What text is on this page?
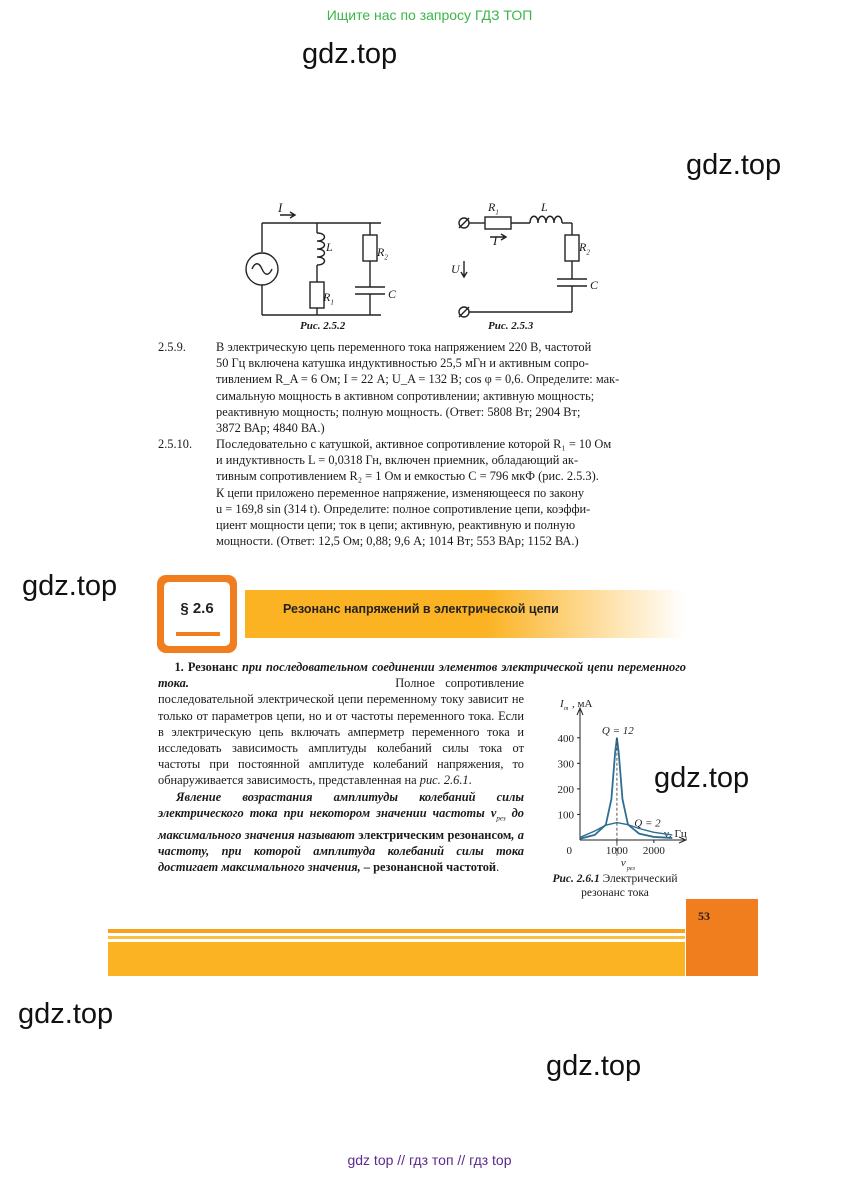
Ищите нас по запросу ГДЗ ТОП
gdz.top
gdz.top
gdz.top
gdz.top
gdz.top
gdz.top
I
L
$R_1$
$R_2$
C
Рис. 2.5.2
$R_1$	L
I
U
$R_2$
C
Рис. 2.5.3
2.5.9. В электрическую цепь переменного тока напряжением 220 В, частотой
50 Гц включена катушка индуктивностью 25,5 мГн и активным сопро-
тивлением R_A = 6 Ом; I = 22 А; U_A = 132 В; cos φ = 0,6. Определите: мак-
симальную мощность в активном сопротивлении; активную мощность;
реактивную мощность; полную мощность. (Ответ: 5808 Вт; 2904 Вт;
3872 ВАр; 4840 ВА.)
2.5.10. Последовательно с катушкой, активное сопротивление которой R₁ = 10 Ом
и индуктивность L = 0,0318 Гн, включен приемник, обладающий ак-
тивным сопротивлением R₂ = 1 Ом и емкостью C = 796 мкФ (рис. 2.5.3).
К цепи приложено переменное напряжение, изменяющееся по закону
u = 169,8 sin (314 t). Определите: полное сопротивление цепи, коэффи-
циент мощности цепи; ток в цепи; активную, реактивную и полную
мощности. (Ответ: 12,5 Ом; 0,88; 9,6 А; 1014 Вт; 553 ВАр; 1152 ВА.)
§ 2.6	Резонанс напряжений в электрической цепи
1. Резонанс при последовательном соединении элементов электрической цепи переменного тока.	Полное сопротивление последовательной электрической цепи переменному току зависит не только от параметров цепи, но и от частоты переменного тока. Если в электрическую цепь включать амперметр переменного тока и исследовать зависимость амплитуды колебаний силы тока от частоты при постоянной амплитуде колебаний напряжения, то обнаруживается зависимость, представленная на рис. 2.6.1.
Явление возрастания амплитуды колебаний силы электрического тока при некотором значении частоты $\nu_{рез}$ до максимального значения называют электрическим резонансом, а частоту, при которой амплитуда колебаний силы тока достигает максимального значения, – резонансной частотой.
100
200
300
400
0	1000 2000
I m , мА
ν, Гц
Q = 12
Q = 2
ν рез
Рис. 2.6.1 Электрический резонанс тока
53
gdz top // гдз топ // гдз top
